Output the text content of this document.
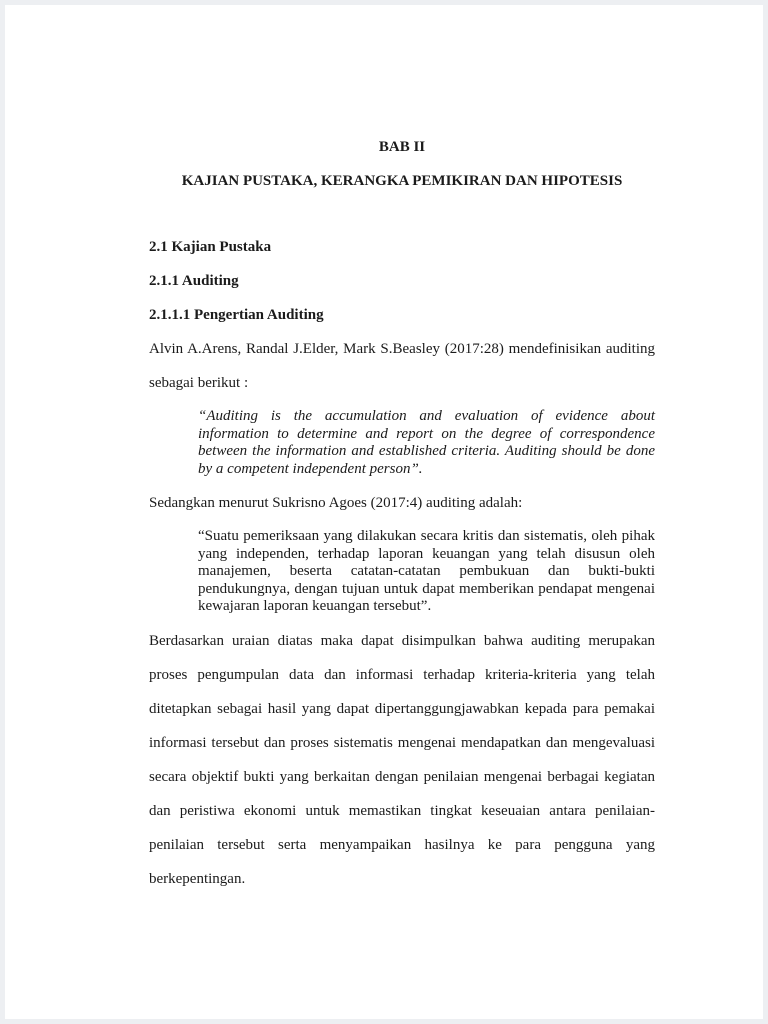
BAB II
KAJIAN PUSTAKA, KERANGKA PEMIKIRAN DAN HIPOTESIS
2.1 Kajian Pustaka
2.1.1 Auditing
2.1.1.1 Pengertian Auditing

Alvin A.Arens, Randal J.Elder, Mark S.Beasley (2017:28) mendefinisikan auditing sebagai berikut :

“Auditing is the accumulation and evaluation of evidence about information to determine and report on the degree of correspondence between the information and established criteria. Auditing should be done by a competent independent person”.

Sedangkan menurut Sukrisno Agoes (2017:4) auditing adalah:

“Suatu pemeriksaan yang dilakukan secara kritis dan sistematis, oleh pihak yang independen, terhadap laporan keuangan yang telah disusun oleh manajemen, beserta catatan-catatan pembukuan dan bukti-bukti pendukungnya, dengan tujuan untuk dapat memberikan pendapat mengenai kewajaran laporan keuangan tersebut”.

Berdasarkan uraian diatas maka dapat disimpulkan bahwa auditing merupakan proses pengumpulan data dan informasi terhadap kriteria-kriteria yang telah ditetapkan sebagai hasil yang dapat dipertanggungjawabkan kepada para pemakai informasi tersebut dan proses sistematis mengenai mendapatkan dan mengevaluasi secara objektif bukti yang berkaitan dengan penilaian mengenai berbagai kegiatan dan peristiwa ekonomi untuk memastikan tingkat keseuaian antara penilaian-penilaian tersebut serta menyampaikan hasilnya ke para pengguna yang berkepentingan.
